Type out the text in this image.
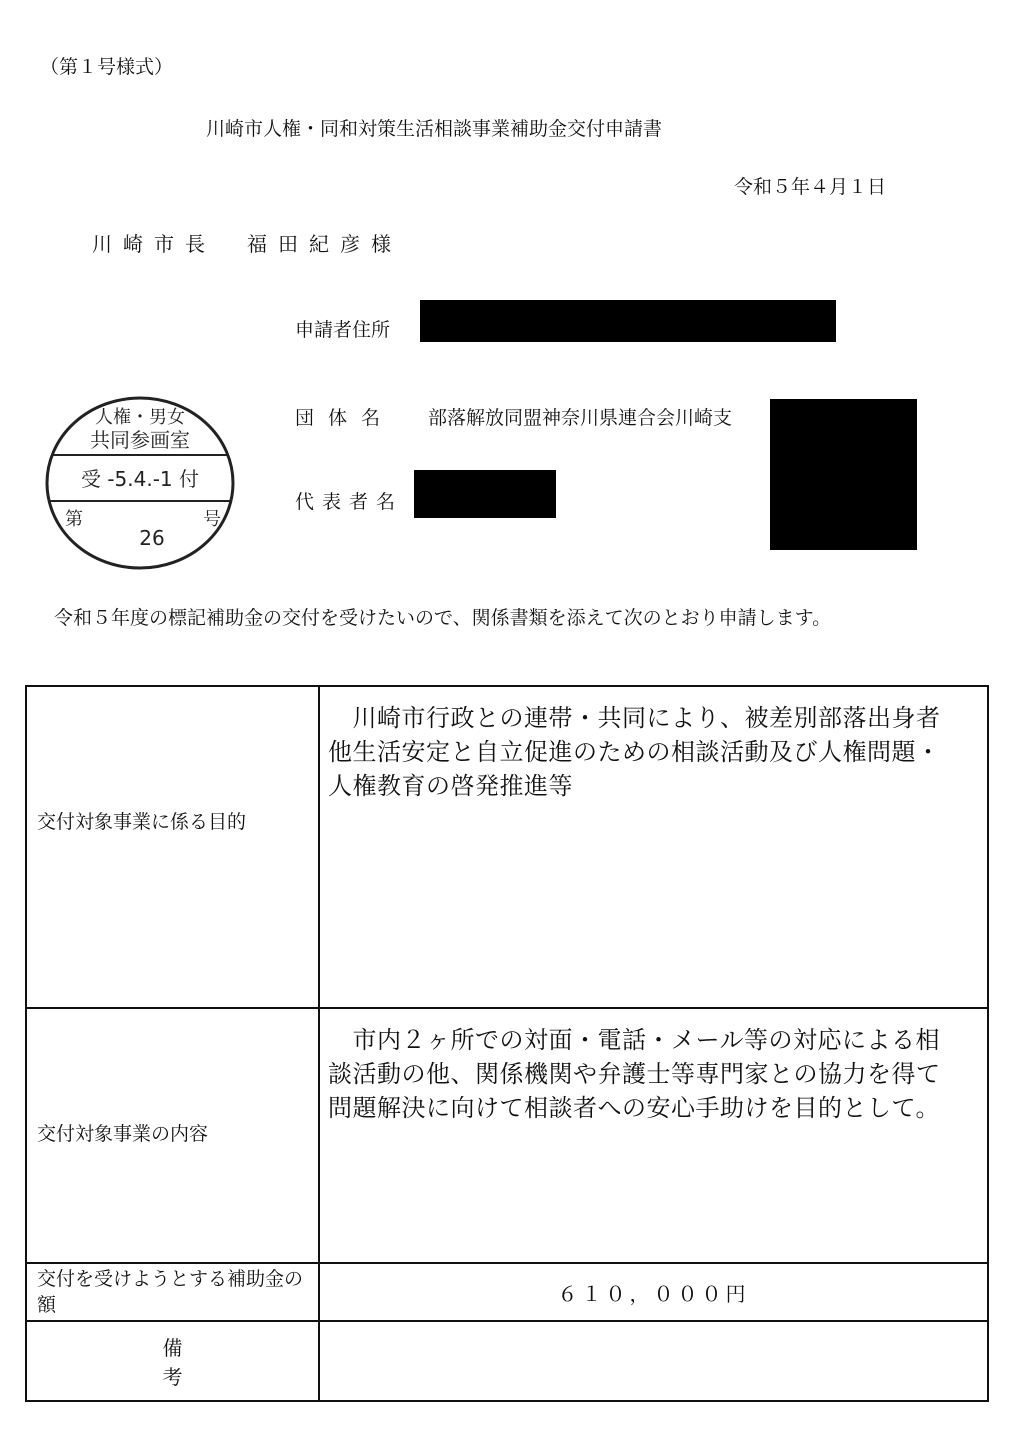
（第１号様式）
川崎市人権・同和対策生活相談事業補助金交付申請書
令和５年４月１日
川崎市長　福田紀彦様
申請者住所
団体名 部落解放同盟神奈川県連合会川崎支
代表者名
人権・男女
共同参画室
受 -5.4.-1 付
第
26
号
令和５年度の標記補助金の交付を受けたいので、関係書類を添えて次のとおり申請します。
交付対象事業に係る目的	　川崎市行政との連帯・共同により、被差別部落出身者
他生活安定と自立促進のための相談活動及び人権問題・
人権教育の啓発推進等
交付対象事業の内容	　市内２ヶ所での対面・電話・メール等の対応による相
談活動の他、関係機関や弁護士等専門家との協力を得て
問題解決に向けて相談者への安心手助けを目的として。
交付を受けようとする補助金の額	６１０，０００円
備考	
